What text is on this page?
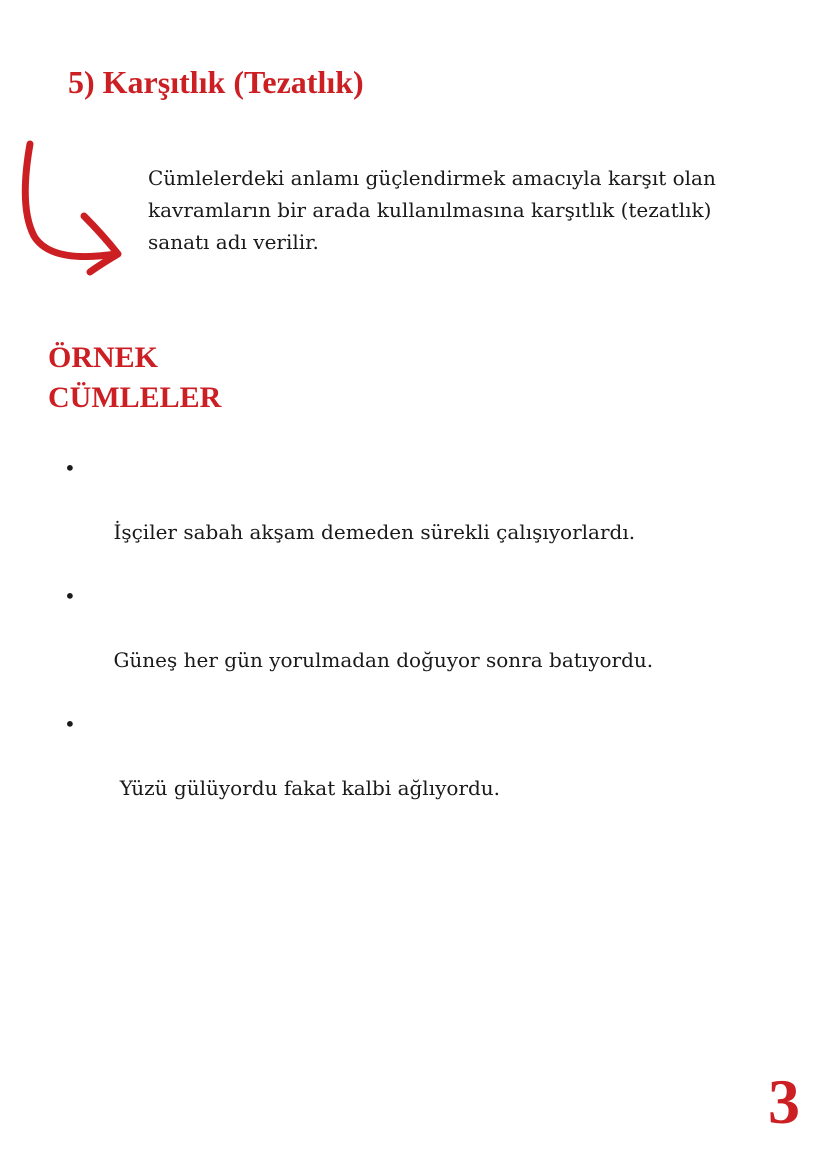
5) Karşıtlık (Tezatlık)

Cümlelerdeki anlamı güçlendirmek amacıyla karşıt olan kavramların bir arada kullanılmasına karşıtlık (tezatlık) sanatı adı verilir.

ÖRNEK
CÜMLELER

•

İşçiler sabah akşam demeden sürekli çalışıyorlardı.

•

Güneş her gün yorulmadan doğuyor sonra batıyordu.

•

Yüzü gülüyordu fakat kalbi ağlıyordu.

3
